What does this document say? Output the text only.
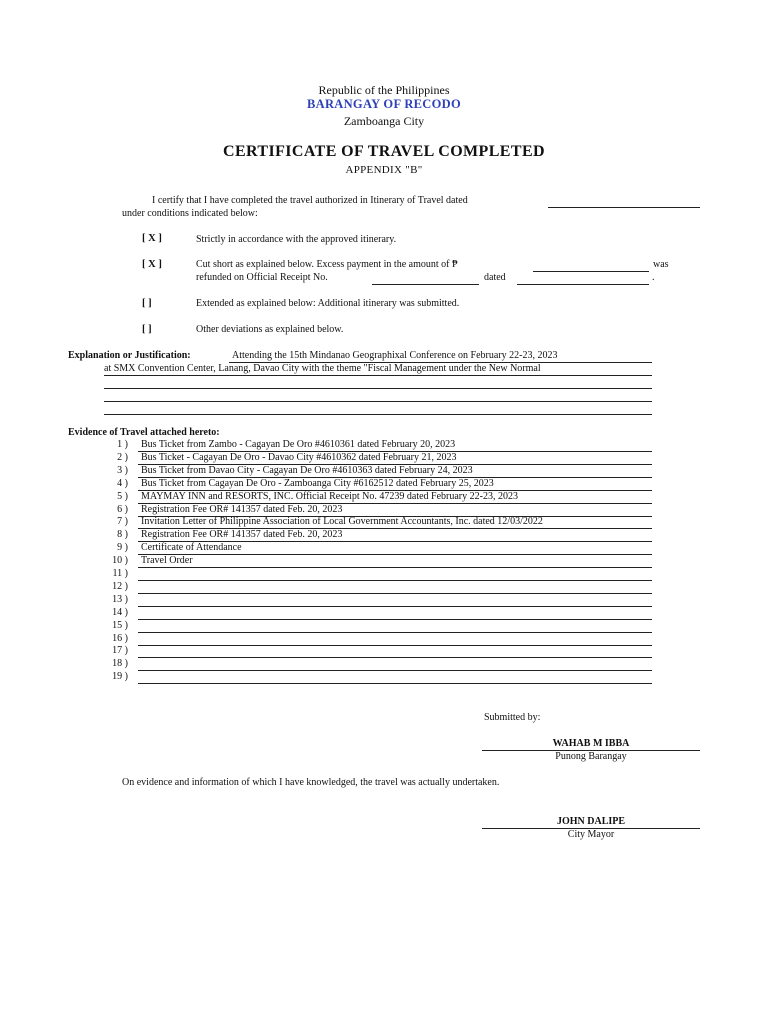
Republic of the Philippines
BARANGAY OF RECODO
Zamboanga City
CERTIFICATE OF TRAVEL COMPLETED
APPENDIX "B"
I certify that I have completed the travel authorized in Itinerary of Travel dated
under conditions indicated below:
[ X ]	Strictly in accordance with the approved itinerary.
[ X ]	Cut short as explained below. Excess payment in the amount of ₱	was
refunded on Official Receipt No.	dated	.
[ ]	Extended as explained below: Additional itinerary was submitted.
[ ]	Other deviations as explained below.
Explanation or Justification:	Attending the 15th Mindanao Geographixal Conference on February 22-23, 2023
at SMX Convention Center, Lanang, Davao City with the theme "Fiscal Management under the New Normal
Evidence of Travel attached hereto:
1 ) Bus Ticket from Zambo - Cagayan De Oro #4610361 dated February 20, 2023
2 ) Bus Ticket - Cagayan De Oro - Davao City #4610362 dated February 21, 2023
3 ) Bus Ticket from Davao City - Cagayan De Oro #4610363 dated February 24, 2023
4 ) Bus Ticket from Cagayan De Oro - Zamboanga City #6162512 dated February 25, 2023
5 ) MAYMAY INN and RESORTS, INC. Official Receipt No. 47239 dated February 22-23, 2023
6 ) Registration Fee OR# 141357 dated Feb. 20, 2023
7 ) Invitation Letter of Philippine Association of Local Government Accountants, Inc. dated 12/03/2022
8 ) Registration Fee OR# 141357 dated Feb. 20, 2023
9 ) Certificate of Attendance
10 ) Travel Order
11 )
12 )
13 )
14 )
15 )
16 )
17 )
18 )
19 )
Submitted by:
WAHAB M IBBA
Punong Barangay
On evidence and information of which I have knowledged, the travel was actually undertaken.
JOHN DALIPE
City Mayor
